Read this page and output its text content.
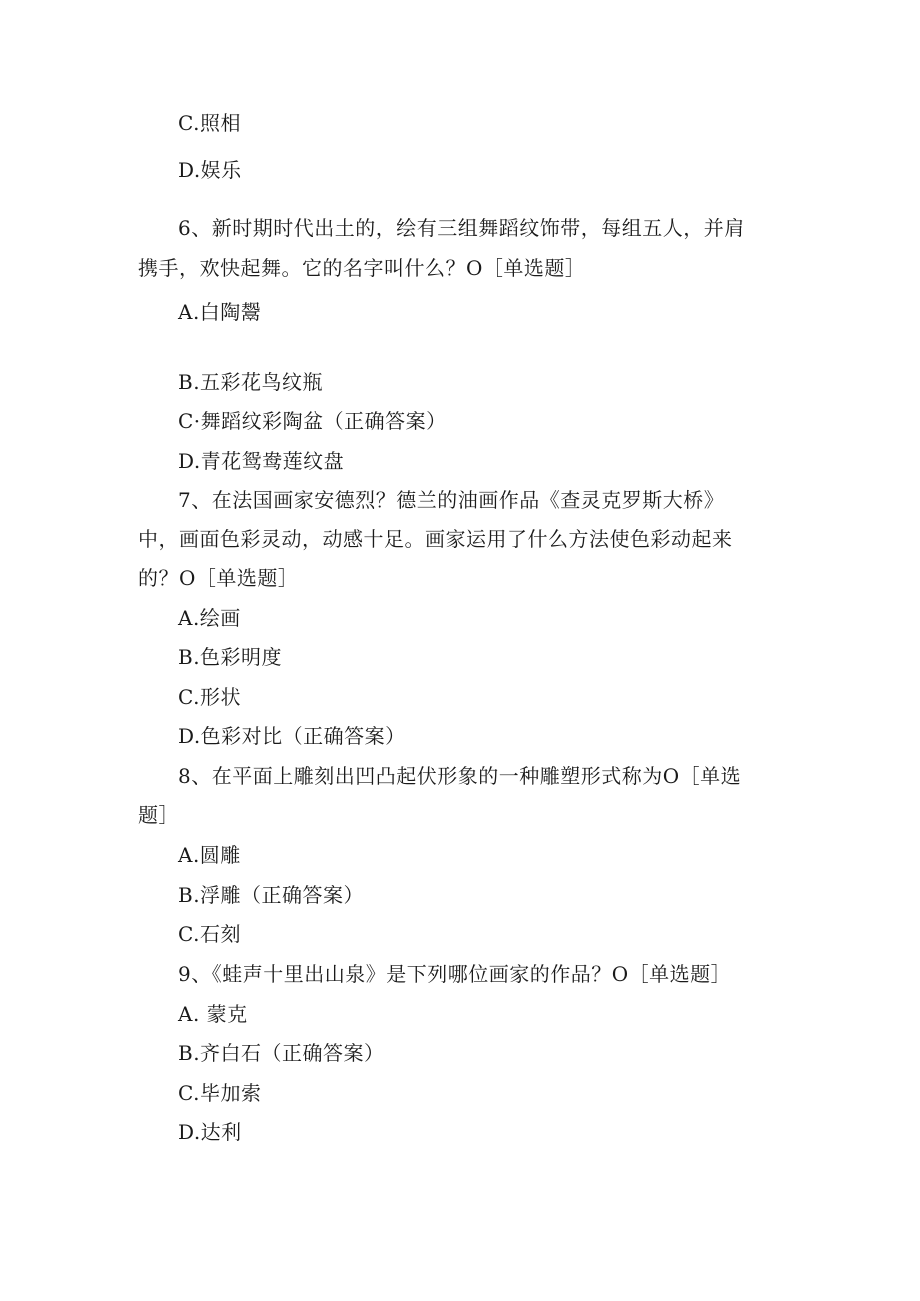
C.照相
D.娱乐
6、新时期时代出土的，绘有三组舞蹈纹饰带，每组五人，并肩
携手，欢快起舞。它的名字叫什么？O［单选题］
A.白陶鬶
B.五彩花鸟纹瓶
C·舞蹈纹彩陶盆（正确答案）
D.青花鸳鸯莲纹盘
7、在法国画家安德烈？德兰的油画作品《查灵克罗斯大桥》
中，画面色彩灵动，动感十足。画家运用了什么方法使色彩动起来
的？O［单选题］
A.绘画
B.色彩明度
C.形状
D.色彩对比（正确答案）
8、在平面上雕刻出凹凸起伏形象的一种雕塑形式称为O［单选
题］
A.圆雕
B.浮雕（正确答案）
C.石刻
9、《蛙声十里出山泉》是下列哪位画家的作品？O［单选题］
A. 蒙克
B.齐白石（正确答案）
C.毕加索
D.达利
